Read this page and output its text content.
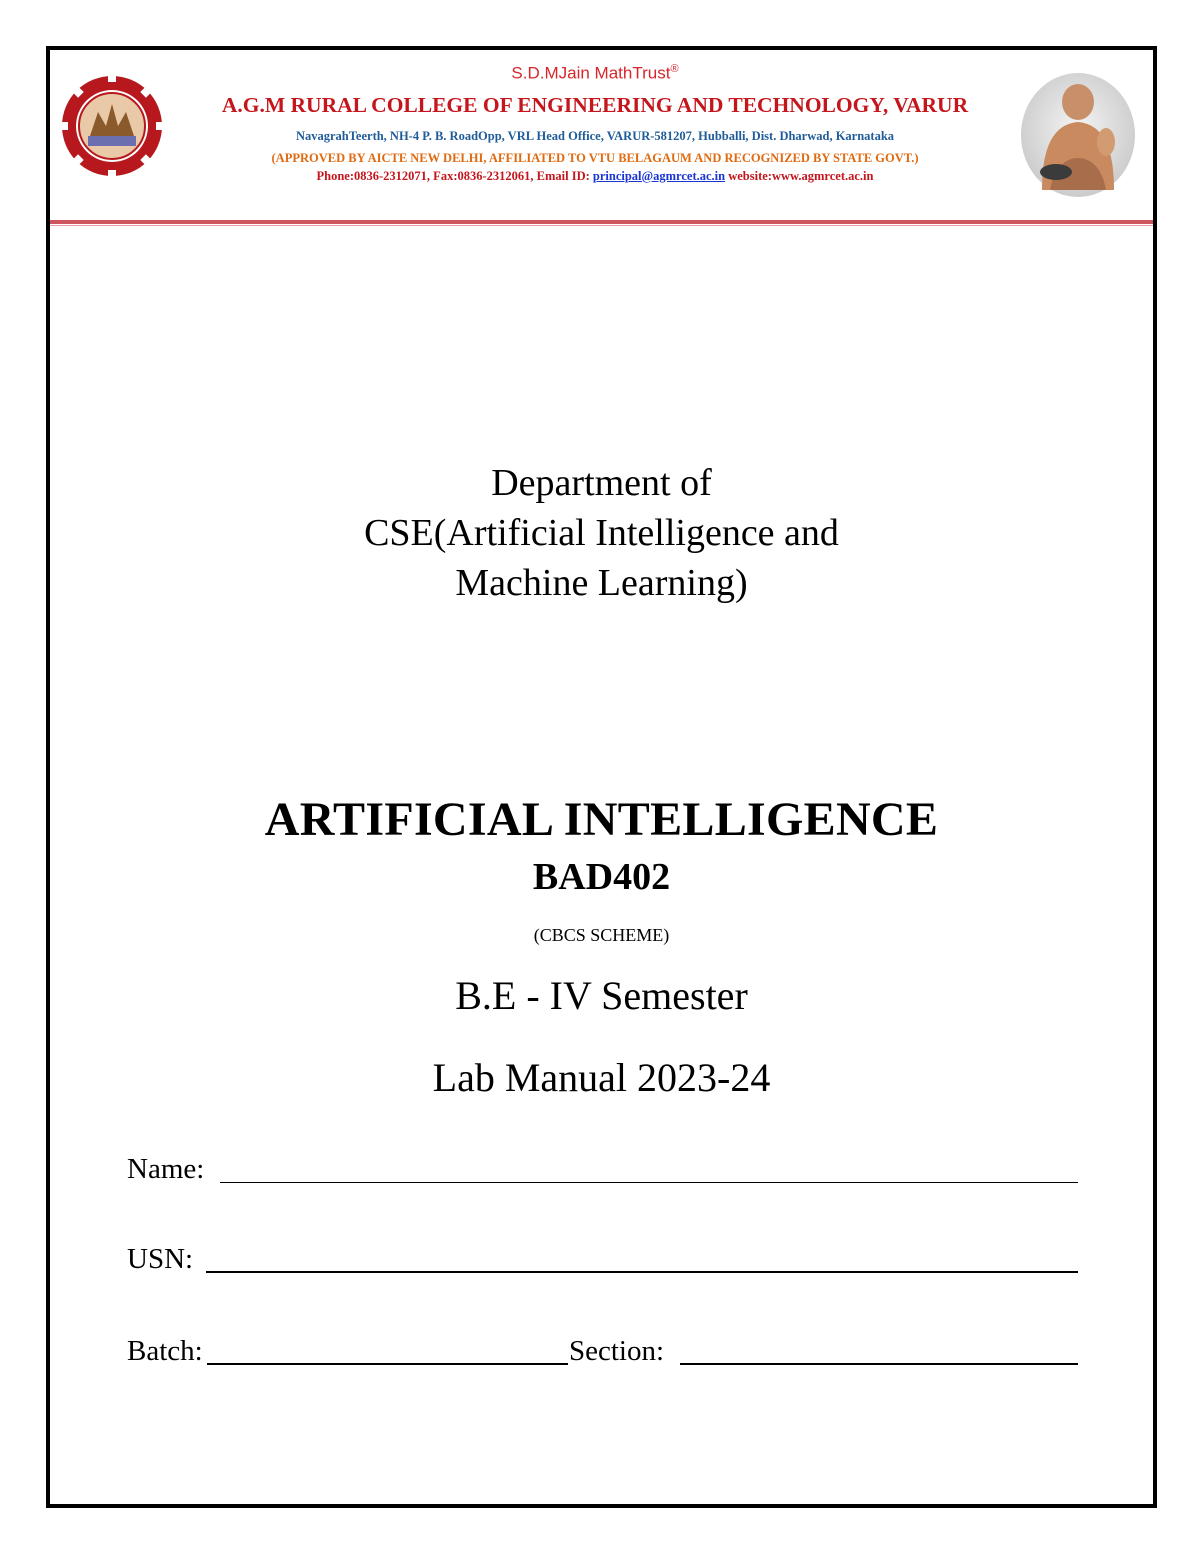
S.D.MJain MathTrust®
A.G.M RURAL COLLEGE OF ENGINEERING AND TECHNOLOGY, VARUR
NavagrahTeerth, NH-4 P. B. RoadOpp, VRL Head Office, VARUR-581207, Hubballi, Dist. Dharwad, Karnataka
(APPROVED BY AICTE NEW DELHI, AFFILIATED TO VTU BELAGAUM AND RECOGNIZED BY STATE GOVT.)
Phone:0836-2312071, Fax:0836-2312061, Email ID: principal@agmrcet.ac.in website:www.agmrcet.ac.in
Department of
CSE(Artificial Intelligence and
Machine Learning)
ARTIFICIAL INTELLIGENCE
BAD402
(CBCS SCHEME)
B.E - IV Semester
Lab Manual 2023-24
Name:
USN:
Batch:	Section:
